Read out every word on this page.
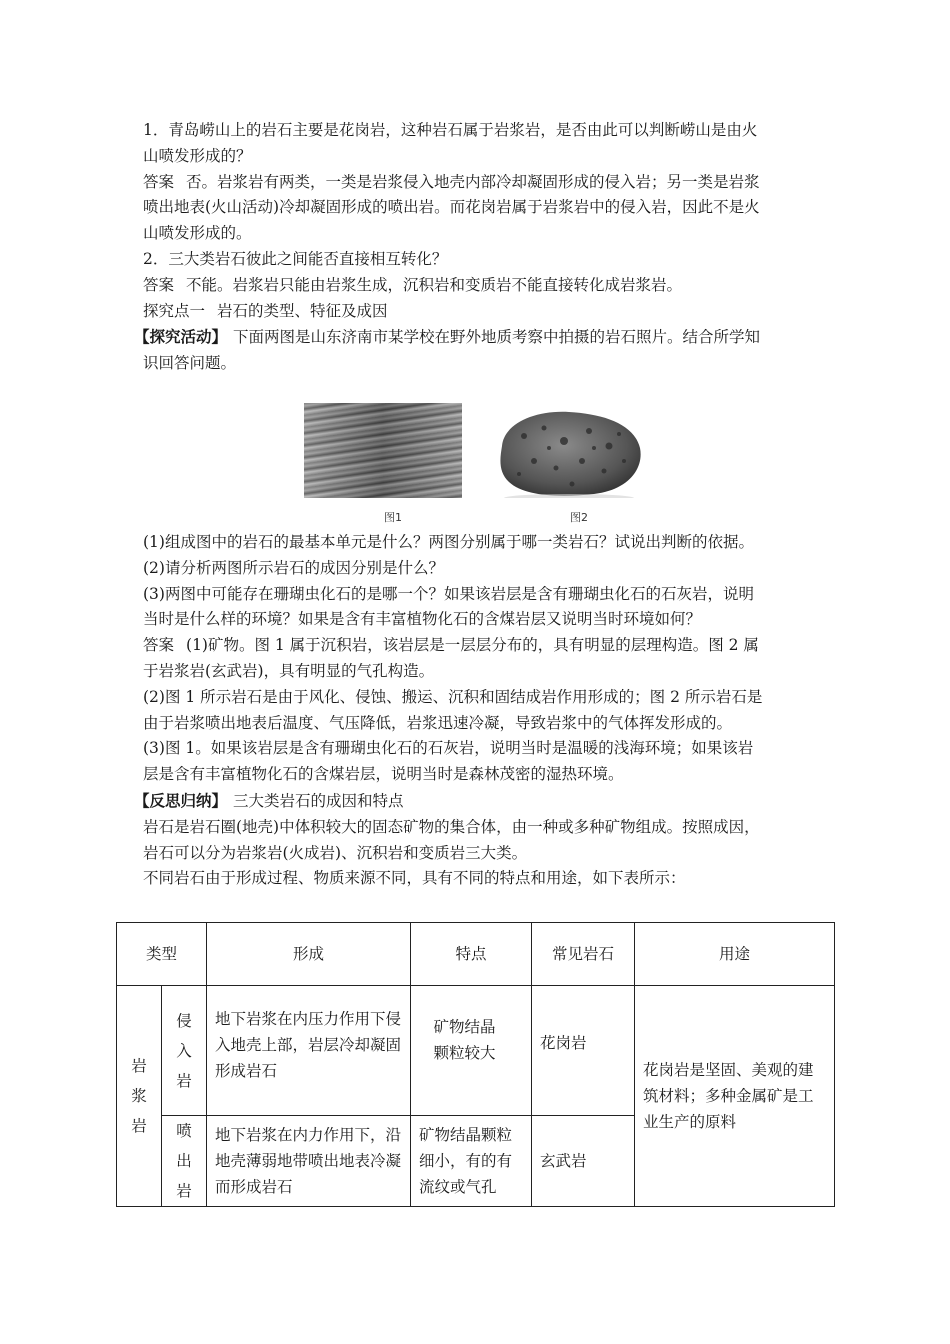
1．青岛崂山上的岩石主要是花岗岩，这种岩石属于岩浆岩，是否由此可以判断崂山是由火

山喷发形成的？

答案 否。岩浆岩有两类，一类是岩浆侵入地壳内部冷却凝固形成的侵入岩；另一类是岩浆

喷出地表(火山活动)冷却凝固形成的喷出岩。而花岗岩属于岩浆岩中的侵入岩，因此不是火

山喷发形成的。

2．三大类岩石彼此之间能否直接相互转化？

答案 不能。岩浆岩只能由岩浆生成，沉积岩和变质岩不能直接转化成岩浆岩。

探究点一 岩石的类型、特征及成因

【探究活动】 下面两图是山东济南市某学校在野外地质考察中拍摄的岩石照片。结合所学知

识回答问题。

图1	图2

(1)组成图中的岩石的最基本单元是什么？两图分别属于哪一类岩石？试说出判断的依据。

(2)请分析两图所示岩石的成因分别是什么？

(3)两图中可能存在珊瑚虫化石的是哪一个？如果该岩层是含有珊瑚虫化石的石灰岩，说明

当时是什么样的环境？如果是含有丰富植物化石的含煤岩层又说明当时环境如何？

答案 (1)矿物。图 1 属于沉积岩，该岩层是一层层分布的，具有明显的层理构造。图 2 属

于岩浆岩(玄武岩)，具有明显的气孔构造。

(2)图 1 所示岩石是由于风化、侵蚀、搬运、沉积和固结成岩作用形成的；图 2 所示岩石是

由于岩浆喷出地表后温度、气压降低，岩浆迅速冷凝，导致岩浆中的气体挥发形成的。

(3)图 1。如果该岩层是含有珊瑚虫化石的石灰岩，说明当时是温暖的浅海环境；如果该岩

层是含有丰富植物化石的含煤岩层，说明当时是森林茂密的湿热环境。

【反思归纳】 三大类岩石的成因和特点

岩石是岩石圈(地壳)中体积较大的固态矿物的集合体，由一种或多种矿物组成。按照成因，

岩石可以分为岩浆岩(火成岩)、沉积岩和变质岩三大类。

不同岩石由于形成过程、物质来源不同，具有不同的特点和用途，如下表所示：

类型		形成	特点	常见岩石	用途

岩浆岩	侵入岩	地下岩浆在内压力作用下侵入地壳上部，岩层冷却凝固形成岩石	矿物结晶颗粒较大	花岗岩	花岗岩是坚固、美观的建筑材料；多种金属矿是工业生产的原料

	喷出岩	地下岩浆在内力作用下，沿地壳薄弱地带喷出地表冷凝而形成岩石	矿物结晶颗粒细小，有的有流纹或气孔	玄武岩	
